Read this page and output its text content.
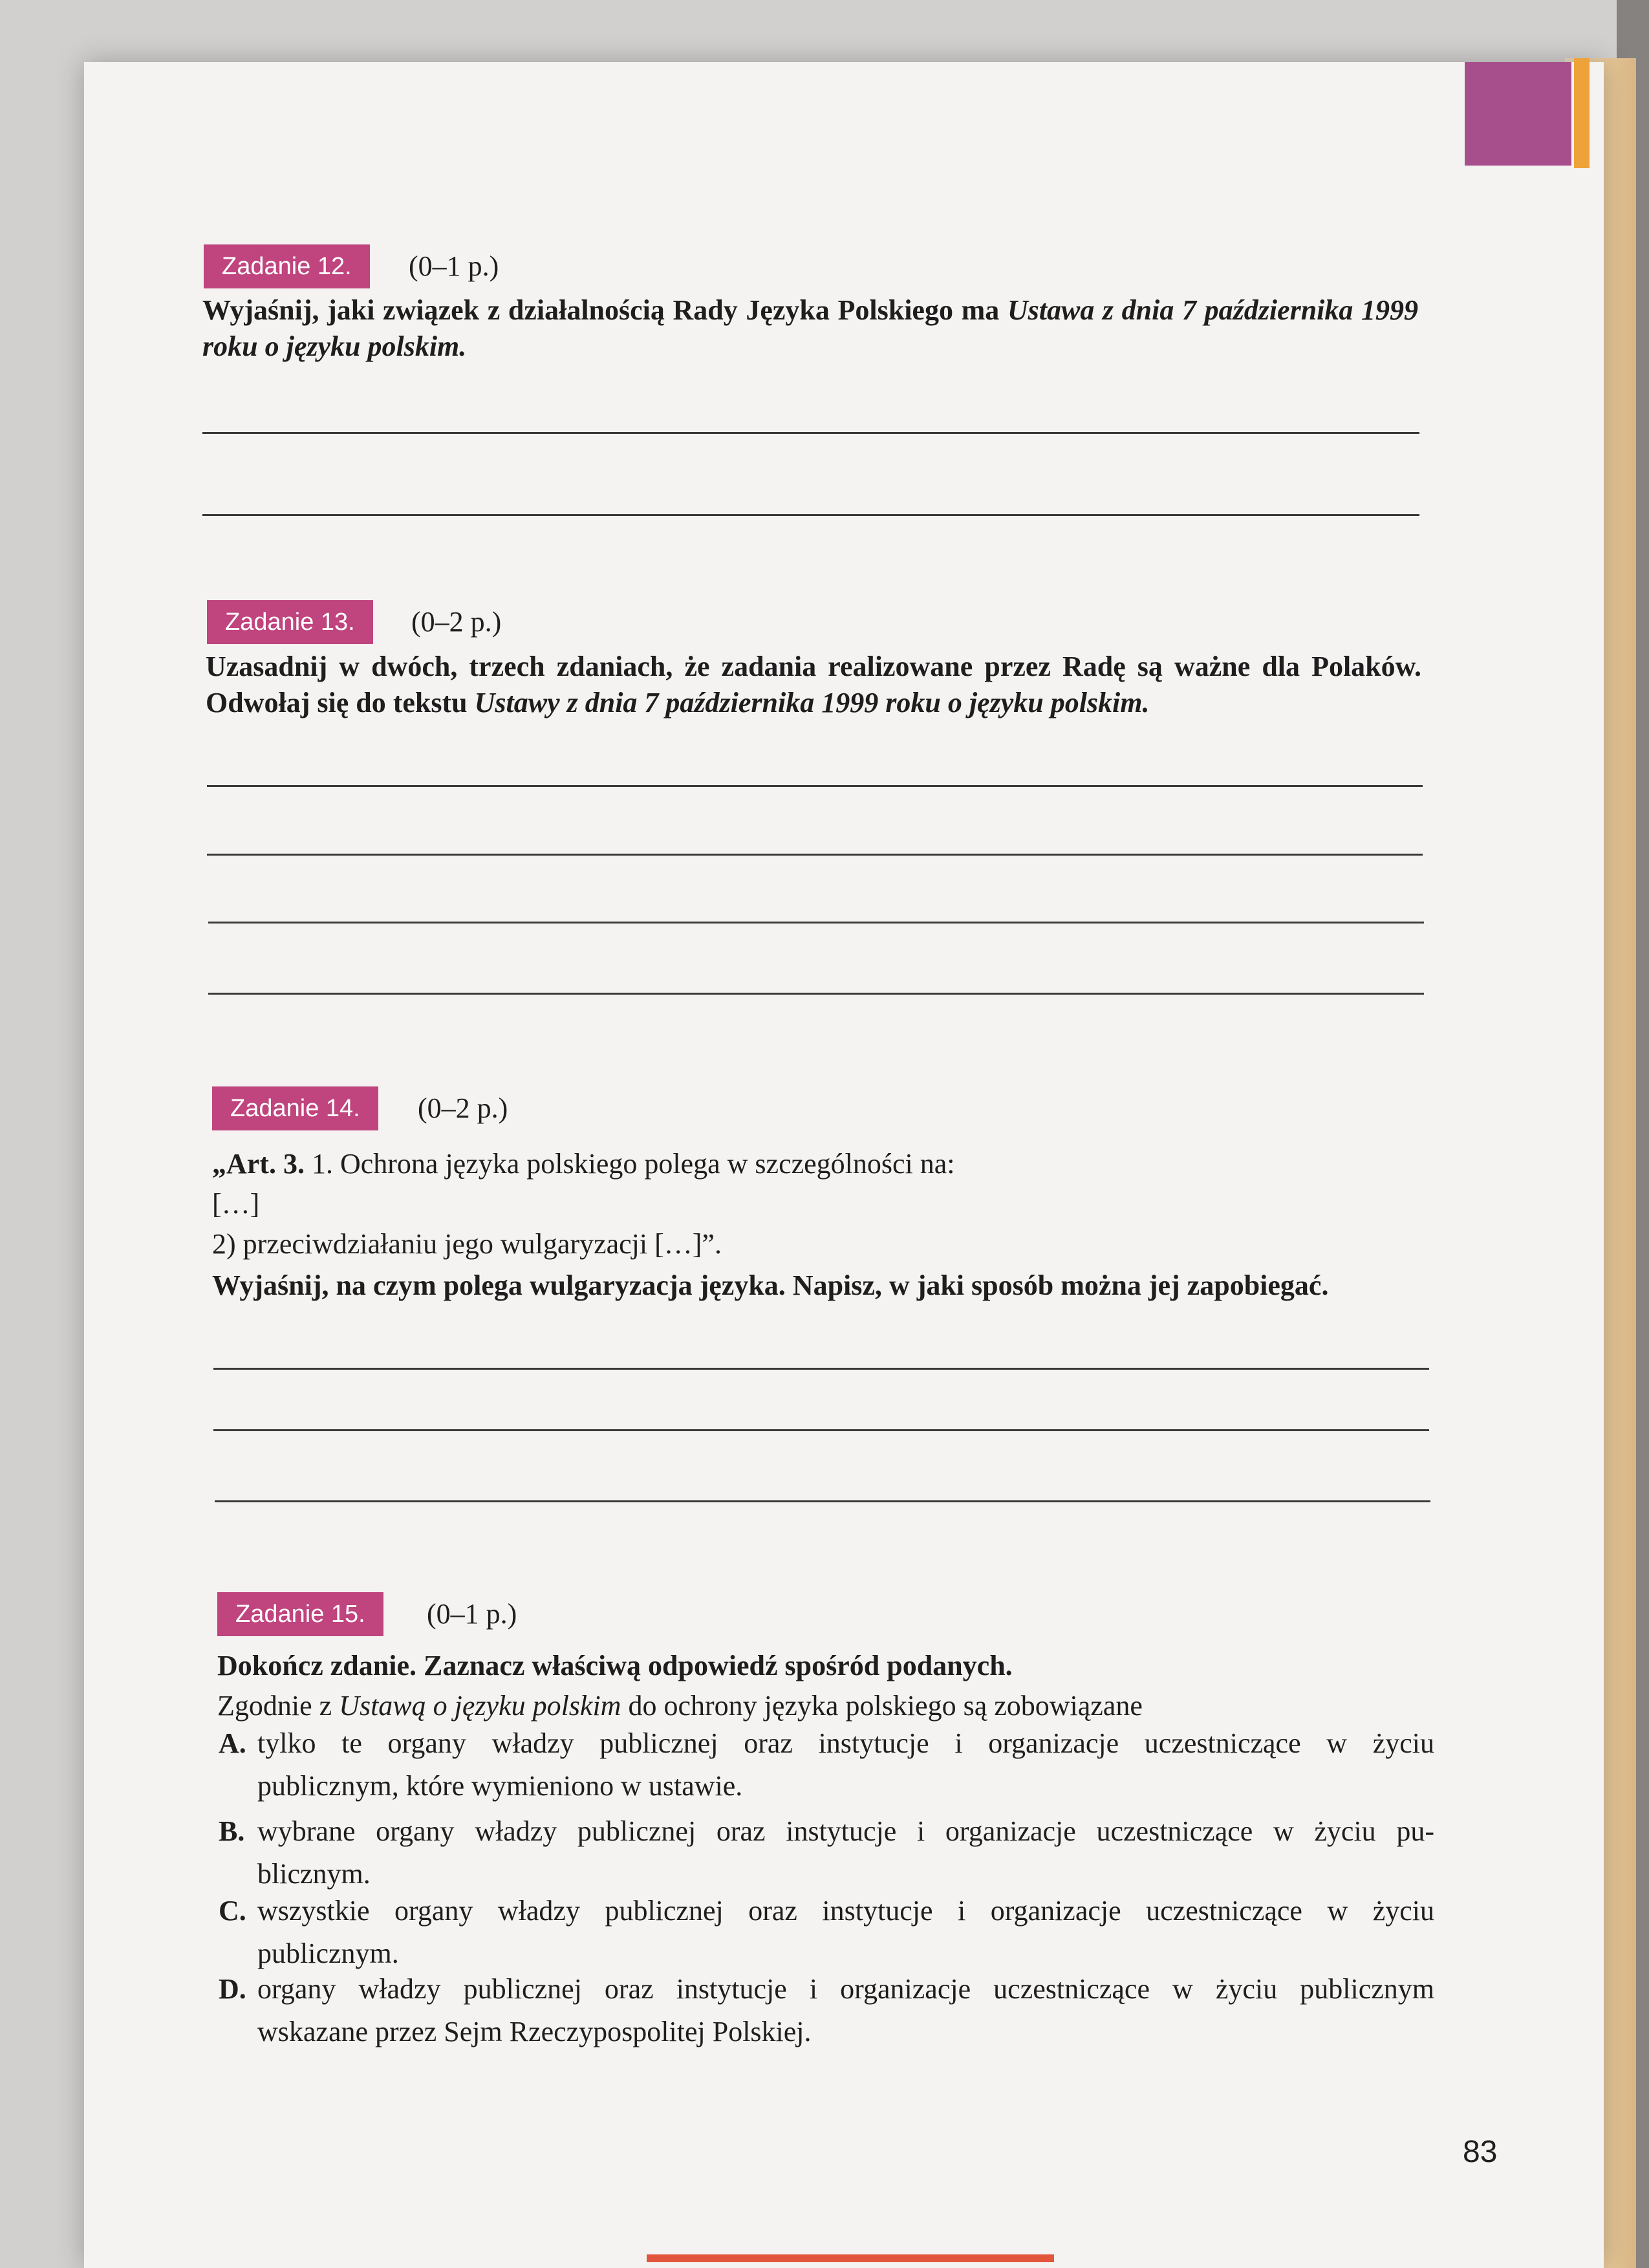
Zadanie 12.	(0–1 p.)
Wyjaśnij, jaki związek z działalnością Rady Języka Polskiego ma Ustawa z dnia 7 października 1999 roku o języku polskim.
Zadanie 13.	(0–2 p.)
Uzasadnij w dwóch, trzech zdaniach, że zadania realizowane przez Radę są ważne dla Polaków. Odwołaj się do tekstu Ustawy z dnia 7 października 1999 roku o języku polskim.
Zadanie 14.	(0–2 p.)
„Art. 3. 1. Ochrona języka polskiego polega w szczególności na:
[…]
2) przeciwdziałaniu jego wulgaryzacji […]”.
Wyjaśnij, na czym polega wulgaryzacja języka. Napisz, w jaki sposób można jej zapobiegać.
Zadanie 15.	(0–1 p.)
Dokończ zdanie. Zaznacz właściwą odpowiedź spośród podanych.
Zgodnie z Ustawą o języku polskim do ochrony języka polskiego są zobowiązane
A. tylko te organy władzy publicznej oraz instytucje i organizacje uczestniczące w życiu
publicznym, które wymieniono w ustawie.
B. wybrane organy władzy publicznej oraz instytucje i organizacje uczestniczące w życiu pu-
blicznym.
C. wszystkie organy władzy publicznej oraz instytucje i organizacje uczestniczące w życiu
publicznym.
D. organy władzy publicznej oraz instytucje i organizacje uczestniczące w życiu publicznym
wskazane przez Sejm Rzeczypospolitej Polskiej.
83
